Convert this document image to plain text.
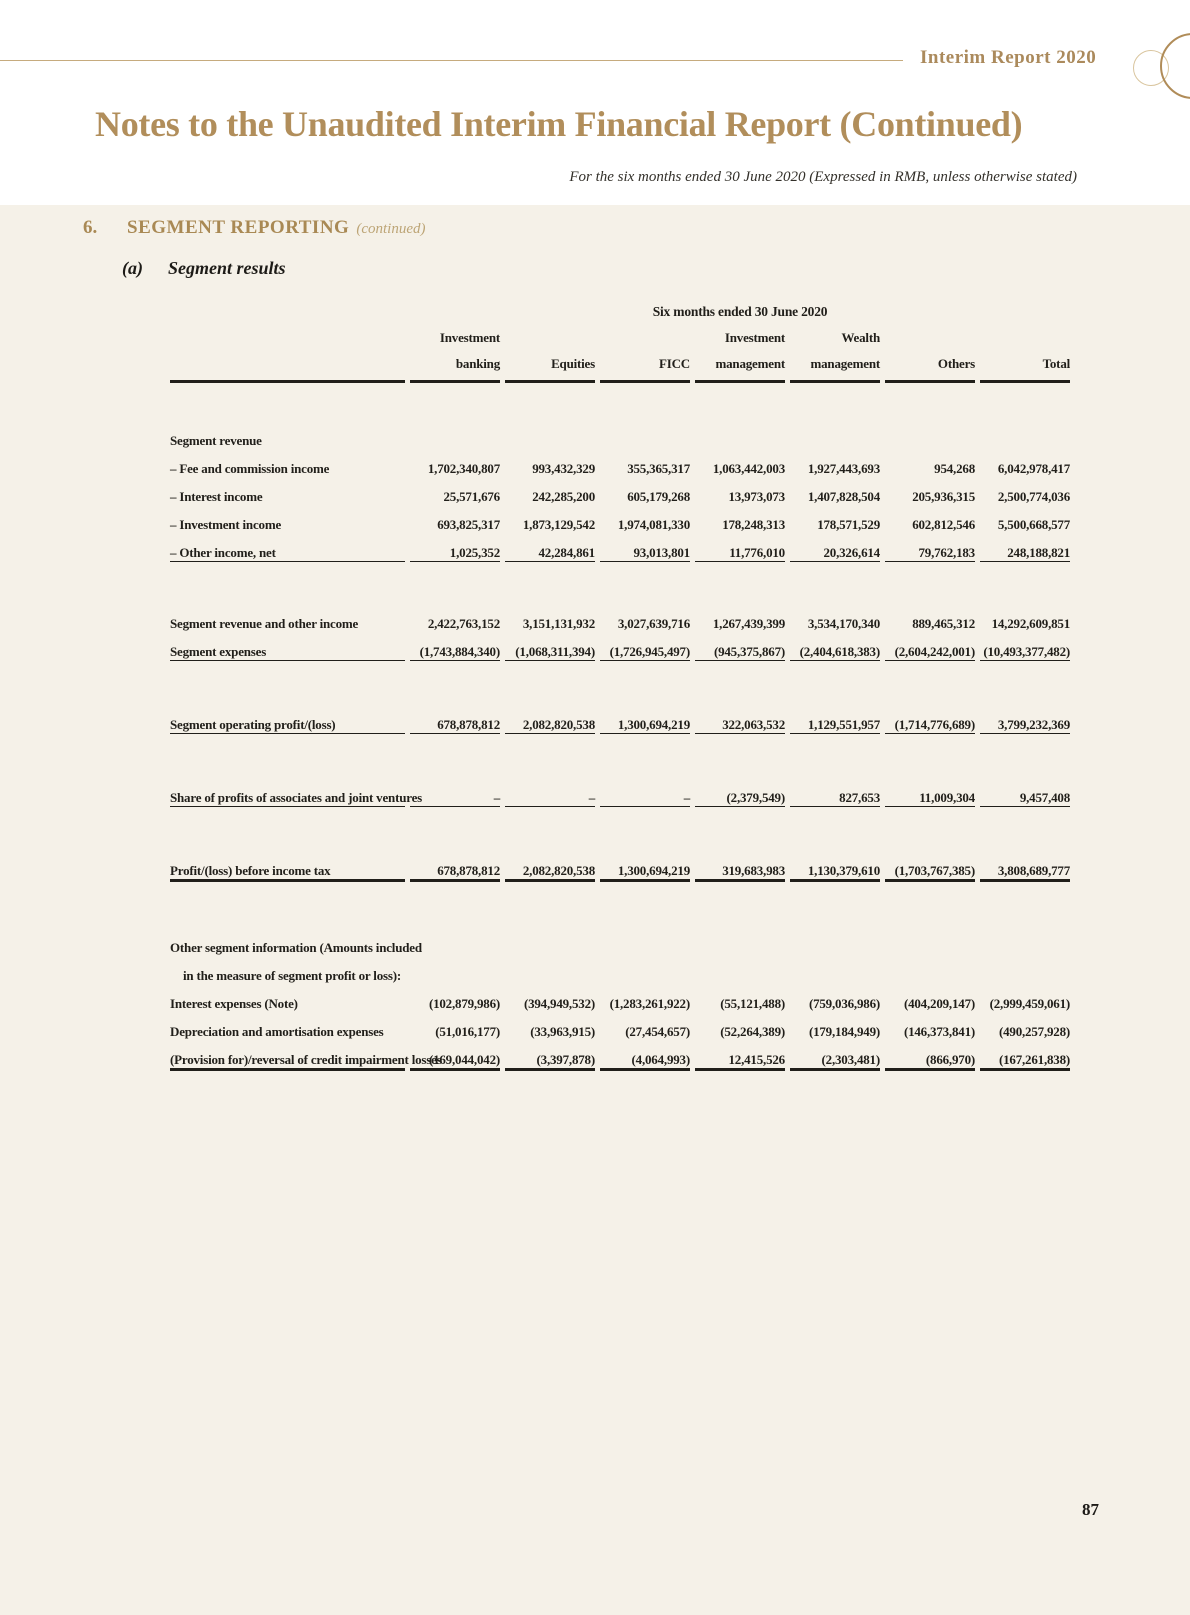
Interim Report 2020
Notes to the Unaudited Interim Financial Report (Continued)
For the six months ended 30 June 2020 (Expressed in RMB, unless otherwise stated)
6. SEGMENT REPORTING (continued)
(a) Segment results
	Six months ended 30 June 2020						
	Investment			Investment	Wealth		
	banking	Equities	FICC	management	management	Others	Total

Segment revenue							
– Fee and commission income	1,702,340,807	993,432,329	355,365,317	1,063,442,003	1,927,443,693	954,268	6,042,978,417
– Interest income	25,571,676	242,285,200	605,179,268	13,973,073	1,407,828,504	205,936,315	2,500,774,036
– Investment income	693,825,317	1,873,129,542	1,974,081,330	178,248,313	178,571,529	602,812,546	5,500,668,577
– Other income, net	1,025,352	42,284,861	93,013,801	11,776,010	20,326,614	79,762,183	248,188,821

Segment revenue and other income	2,422,763,152	3,151,131,932	3,027,639,716	1,267,439,399	3,534,170,340	889,465,312	14,292,609,851
Segment expenses	(1,743,884,340)	(1,068,311,394)	(1,726,945,497)	(945,375,867)	(2,404,618,383)	(2,604,242,001)	(10,493,377,482)

Segment operating profit/(loss)	678,878,812	2,082,820,538	1,300,694,219	322,063,532	1,129,551,957	(1,714,776,689)	3,799,232,369

Share of profits of associates and joint ventures	–	–	–	(2,379,549)	827,653	11,009,304	9,457,408

Profit/(loss) before income tax	678,878,812	2,082,820,538	1,300,694,219	319,683,983	1,130,379,610	(1,703,767,385)	3,808,689,777

Other segment information (Amounts included							
in the measure of segment profit or loss):							
Interest expenses (Note)	(102,879,986)	(394,949,532)	(1,283,261,922)	(55,121,488)	(759,036,986)	(404,209,147)	(2,999,459,061)
Depreciation and amortisation expenses	(51,016,177)	(33,963,915)	(27,454,657)	(52,264,389)	(179,184,949)	(146,373,841)	(490,257,928)
(Provision for)/reversal of credit impairment losses	(169,044,042)	(3,397,878)	(4,064,993)	12,415,526	(2,303,481)	(866,970)	(167,261,838)
87
